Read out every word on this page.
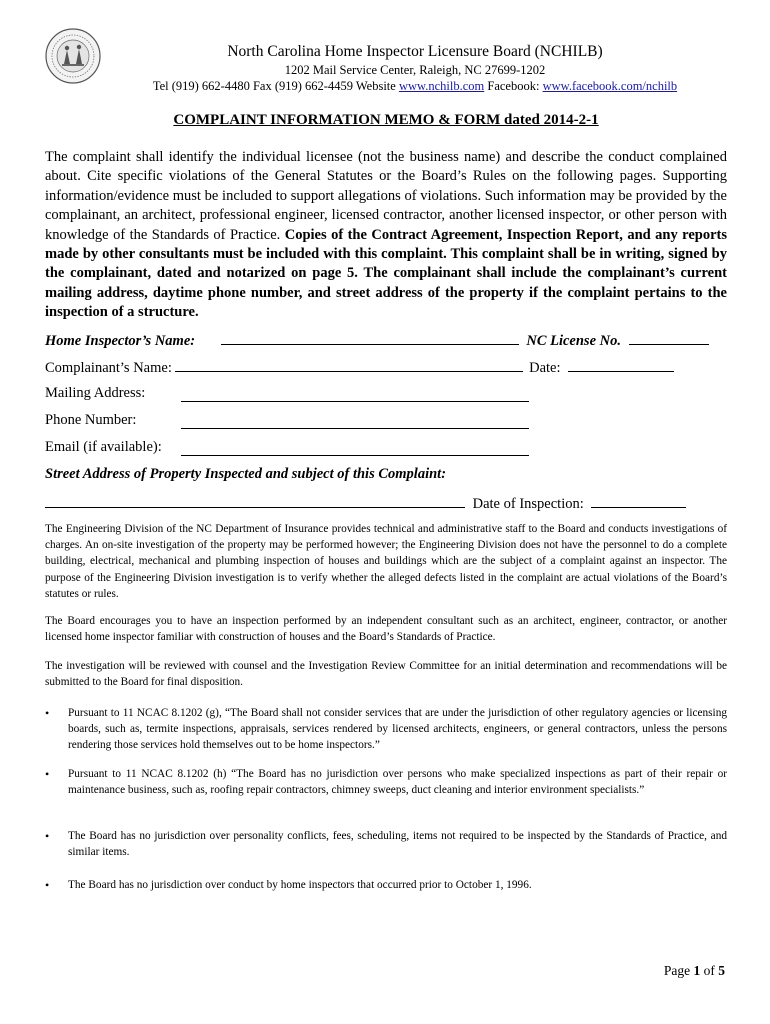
North Carolina Home Inspector Licensure Board (NCHILB)
1202 Mail Service Center, Raleigh, NC 27699-1202
Tel (919) 662-4480 Fax (919) 662-4459 Website www.nchilb.com Facebook: www.facebook.com/nchilb
COMPLAINT INFORMATION MEMO & FORM dated 2014-2-1
The complaint shall identify the individual licensee (not the business name) and describe the conduct complained about. Cite specific violations of the General Statutes or the Board’s Rules on the following pages. Supporting information/evidence must be included to support allegations of violations. Such information may be provided by the complainant, an architect, professional engineer, licensed contractor, another licensed inspector, or other person with knowledge of the Standards of Practice. Copies of the Contract Agreement, Inspection Report, and any reports made by other consultants must be included with this complaint. This complaint shall be in writing, signed by the complainant, dated and notarized on page 5. The complainant shall include the complainant’s current mailing address, daytime phone number, and street address of the property if the complaint pertains to the inspection of a structure.
Home Inspector’s Name:	NC License No.
Complainant’s Name:	Date:
Mailing Address:
Phone Number:
Email (if available):
Street Address of Property Inspected and subject of this Complaint:
Date of Inspection:
The Engineering Division of the NC Department of Insurance provides technical and administrative staff to the Board and conducts investigations of charges. An on-site investigation of the property may be performed however; the Engineering Division does not have the personnel to do a complete building, electrical, mechanical and plumbing inspection of houses and buildings which are the subject of a complaint against an inspector. The purpose of the Engineering Division investigation is to verify whether the alleged defects listed in the complaint are actual violations of the Board’s statutes or rules.
The Board encourages you to have an inspection performed by an independent consultant such as an architect, engineer, contractor, or another licensed home inspector familiar with construction of houses and the Board’s Standards of Practice.
The investigation will be reviewed with counsel and the Investigation Review Committee for an initial determination and recommendations will be submitted to the Board for final disposition.
• Pursuant to 11 NCAC 8.1202 (g), “The Board shall not consider services that are under the jurisdiction of other regulatory agencies or licensing boards, such as, termite inspections, appraisals, services rendered by licensed architects, engineers, or general contractors, unless the persons rendering those services hold themselves out to be home inspectors.”
• Pursuant to 11 NCAC 8.1202 (h) “The Board has no jurisdiction over persons who make specialized inspections as part of their repair or maintenance business, such as, roofing repair contractors, chimney sweeps, duct cleaning and interior environment specialists.”
• The Board has no jurisdiction over personality conflicts, fees, scheduling, items not required to be inspected by the Standards of Practice, and similar items.
• The Board has no jurisdiction over conduct by home inspectors that occurred prior to October 1, 1996.
Page 1 of 5
